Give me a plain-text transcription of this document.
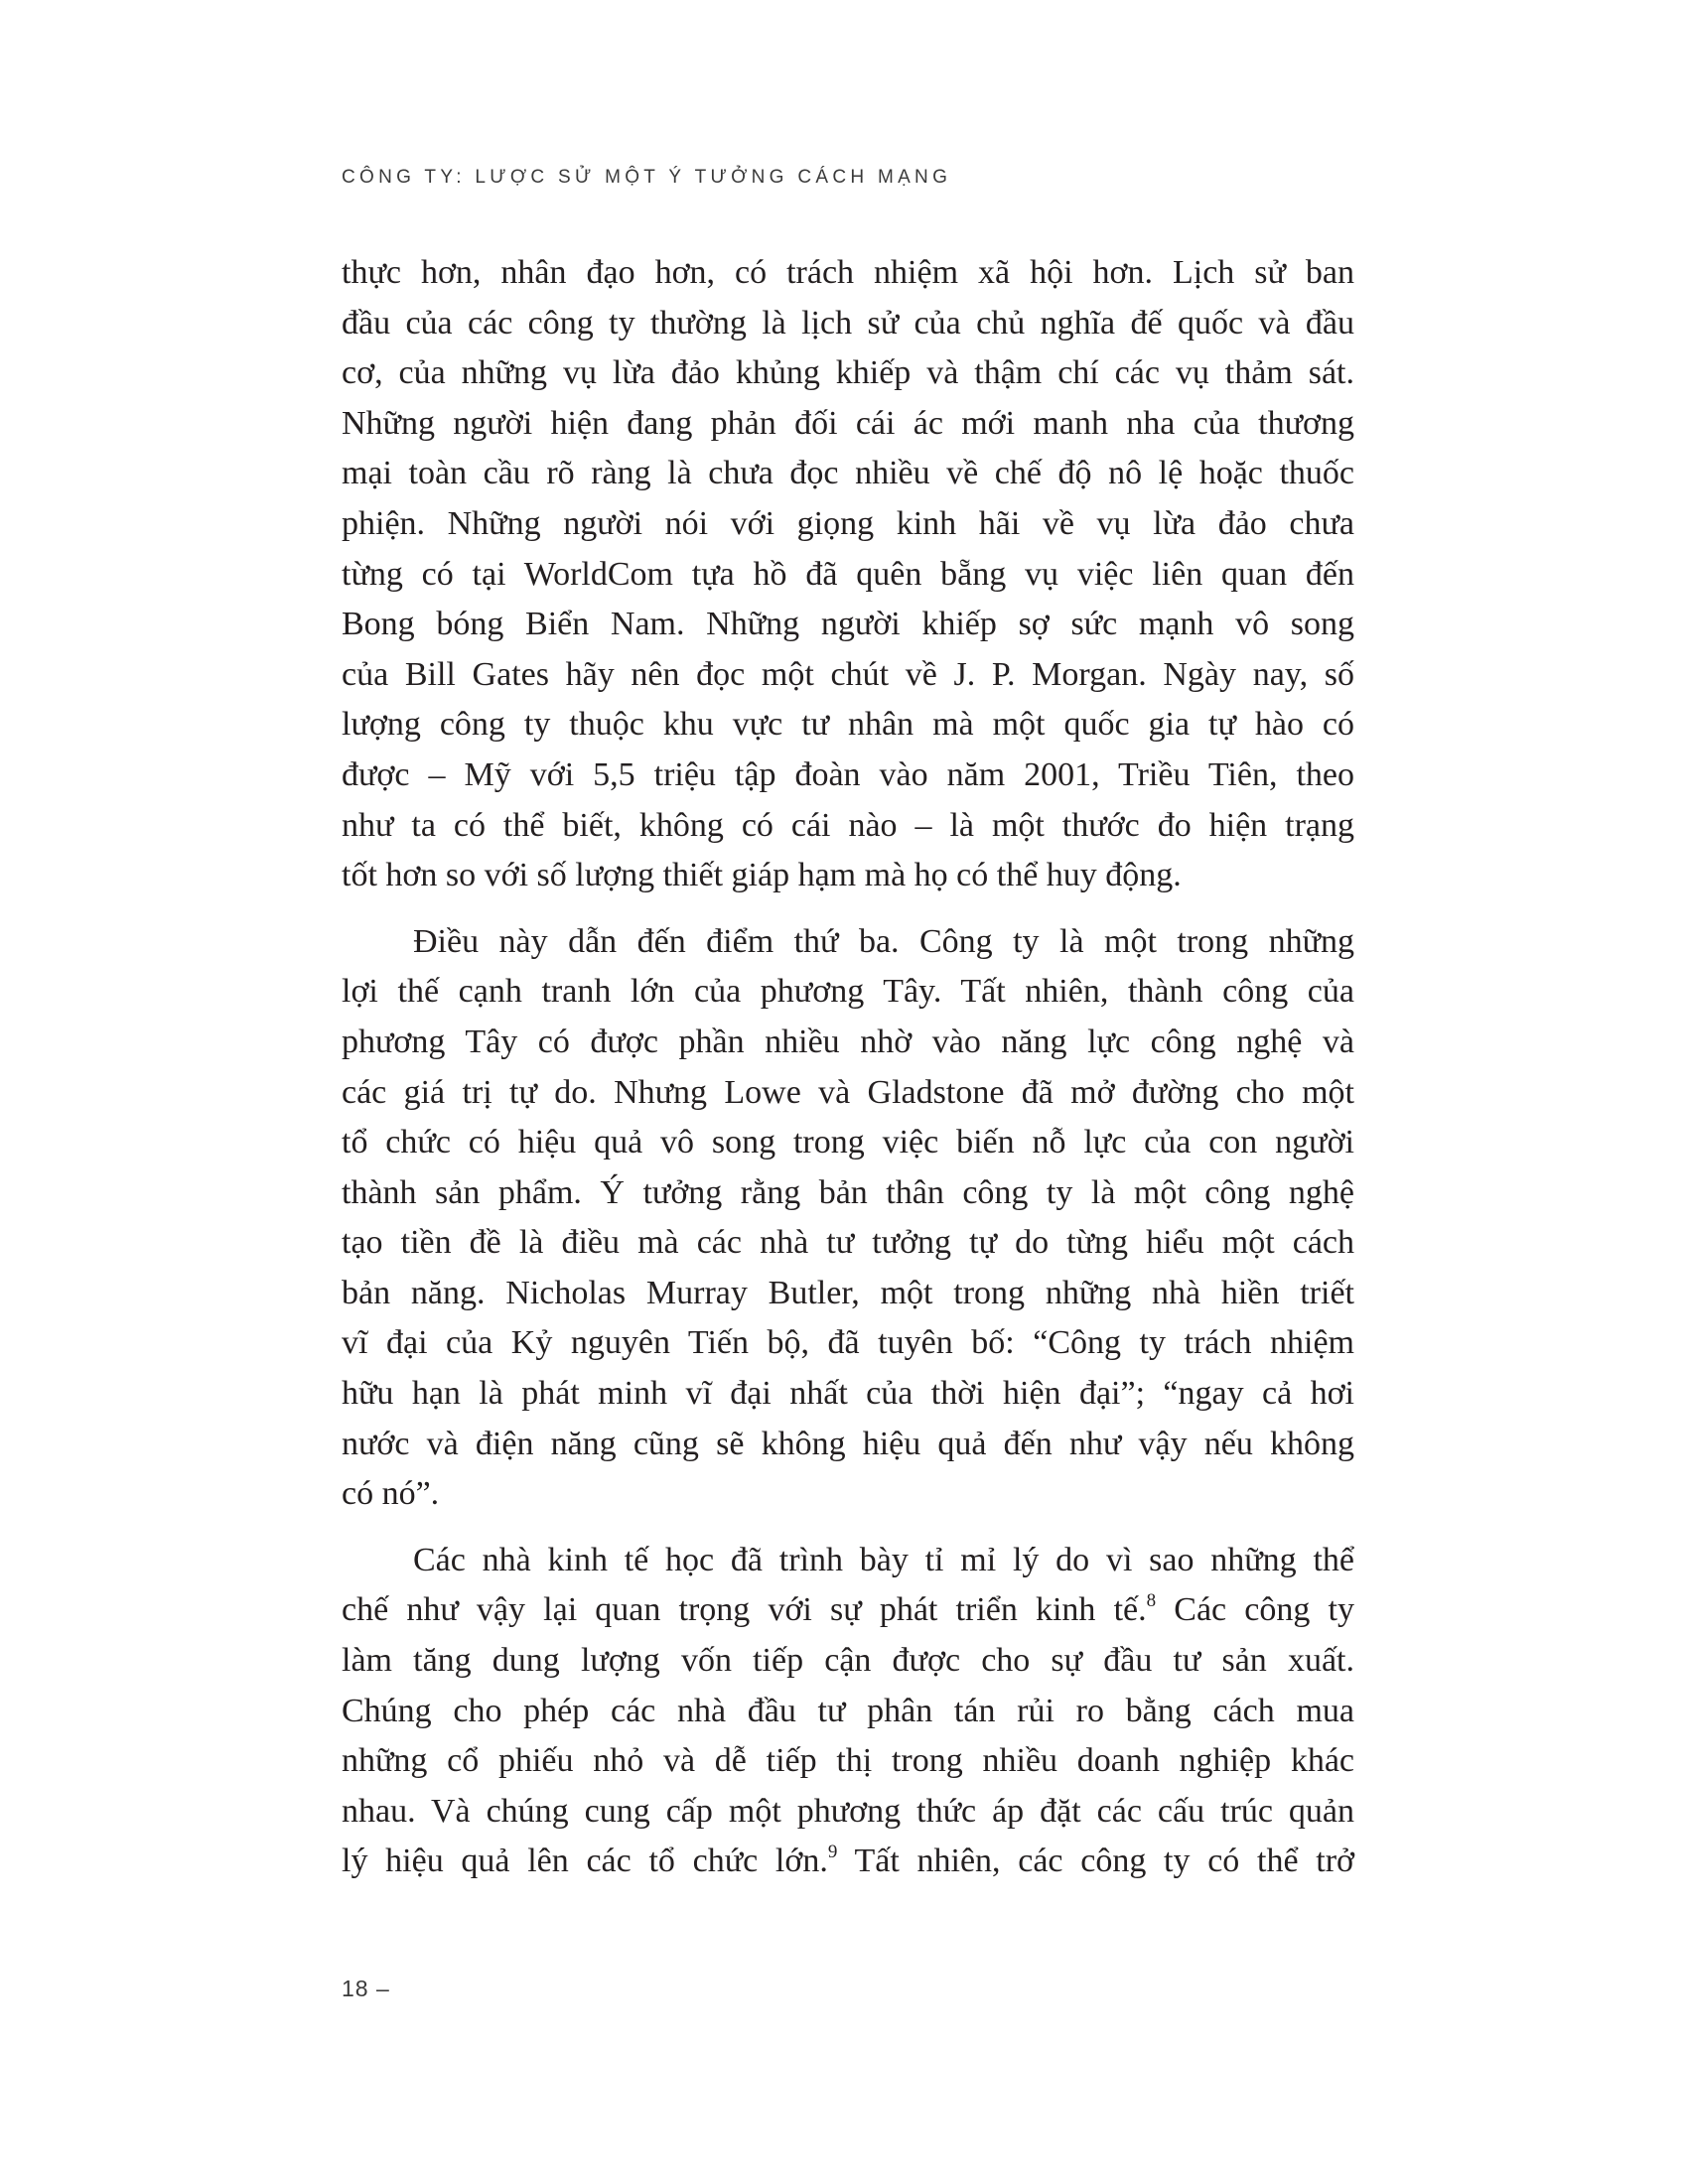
CÔNG TY: LƯỢC SỬ MỘT Ý TƯỞNG CÁCH MẠNG

thực hơn, nhân đạo hơn, có trách nhiệm xã hội hơn. Lịch sử ban
đầu của các công ty thường là lịch sử của chủ nghĩa đế quốc và đầu
cơ, của những vụ lừa đảo khủng khiếp và thậm chí các vụ thảm sát.
Những người hiện đang phản đối cái ác mới manh nha của thương
mại toàn cầu rõ ràng là chưa đọc nhiều về chế độ nô lệ hoặc thuốc
phiện. Những người nói với giọng kinh hãi về vụ lừa đảo chưa
từng có tại WorldCom tựa hồ đã quên bẵng vụ việc liên quan đến
Bong bóng Biển Nam. Những người khiếp sợ sức mạnh vô song
của Bill Gates hãy nên đọc một chút về J. P. Morgan. Ngày nay, số
lượng công ty thuộc khu vực tư nhân mà một quốc gia tự hào có
được – Mỹ với 5,5 triệu tập đoàn vào năm 2001, Triều Tiên, theo
như ta có thể biết, không có cái nào – là một thước đo hiện trạng
tốt hơn so với số lượng thiết giáp hạm mà họ có thể huy động.

Điều này dẫn đến điểm thứ ba. Công ty là một trong những
lợi thế cạnh tranh lớn của phương Tây. Tất nhiên, thành công của
phương Tây có được phần nhiều nhờ vào năng lực công nghệ và
các giá trị tự do. Nhưng Lowe và Gladstone đã mở đường cho một
tổ chức có hiệu quả vô song trong việc biến nỗ lực của con người
thành sản phẩm. Ý tưởng rằng bản thân công ty là một công nghệ
tạo tiền đề là điều mà các nhà tư tưởng tự do từng hiểu một cách
bản năng. Nicholas Murray Butler, một trong những nhà hiền triết
vĩ đại của Kỷ nguyên Tiến bộ, đã tuyên bố: “Công ty trách nhiệm
hữu hạn là phát minh vĩ đại nhất của thời hiện đại”; “ngay cả hơi
nước và điện năng cũng sẽ không hiệu quả đến như vậy nếu không
có nó”.

Các nhà kinh tế học đã trình bày tỉ mỉ lý do vì sao những thể
chế như vậy lại quan trọng với sự phát triển kinh tế.$^8$ Các công ty
làm tăng dung lượng vốn tiếp cận được cho sự đầu tư sản xuất.
Chúng cho phép các nhà đầu tư phân tán rủi ro bằng cách mua
những cổ phiếu nhỏ và dễ tiếp thị trong nhiều doanh nghiệp khác
nhau. Và chúng cung cấp một phương thức áp đặt các cấu trúc quản
lý hiệu quả lên các tổ chức lớn.$^9$ Tất nhiên, các công ty có thể trở

18 –
